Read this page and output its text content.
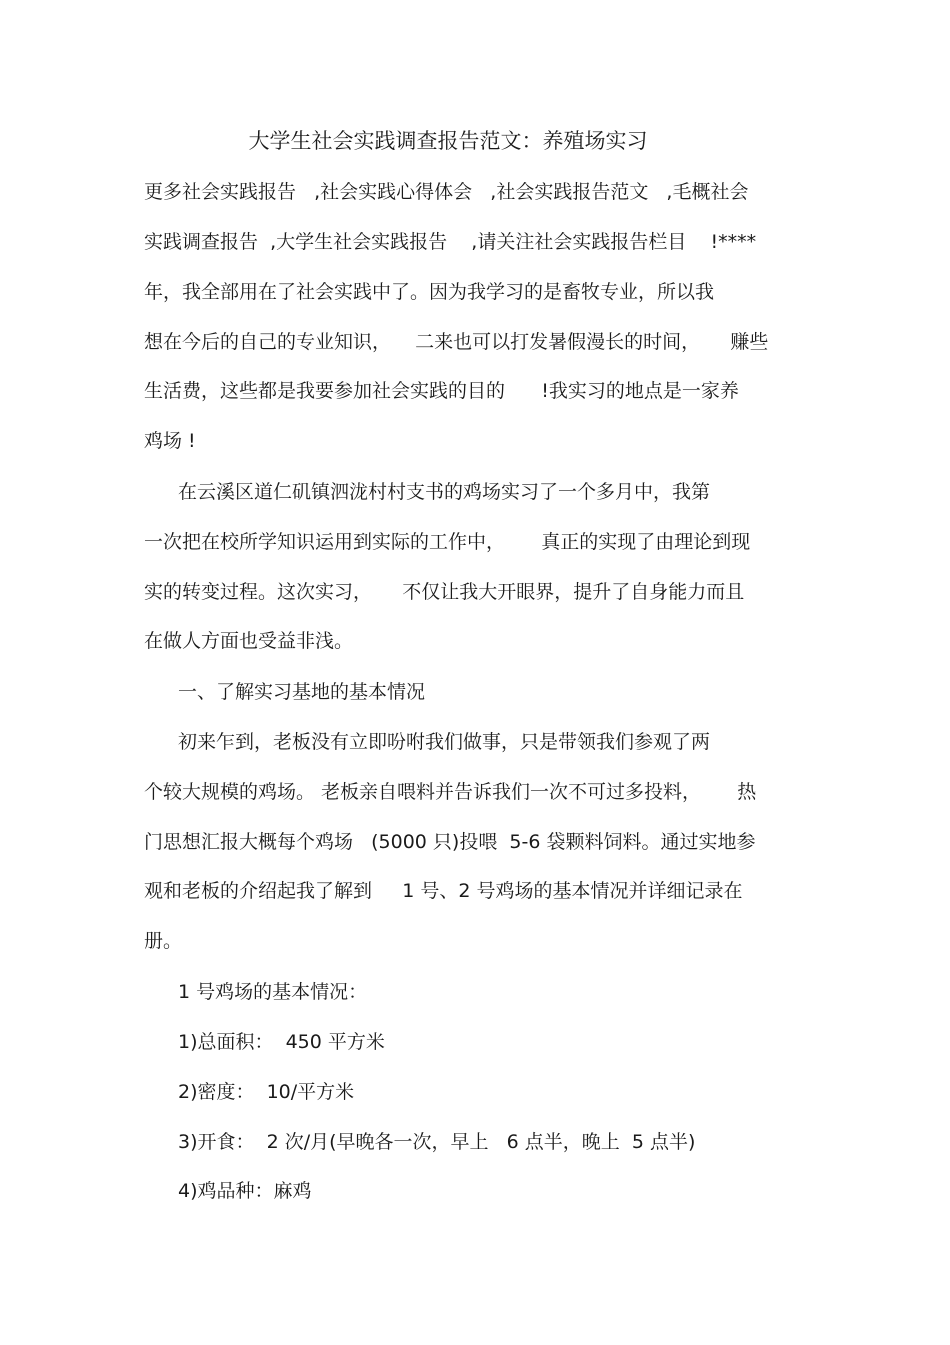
大学生社会实践调查报告范文：养殖场实习
更多社会实践报告   ,社会实践心得体会   ,社会实践报告范文   ,毛概社会
实践调查报告  ,大学生社会实践报告    ,请关注社会实践报告栏目    !****
年，我全部用在了社会实践中了。因为我学习的是畜牧专业，所以我
想在今后的自己的专业知识，    二来也可以打发暑假漫长的时间，     赚些
生活费，这些都是我要参加社会实践的目的      !我实习的地点是一家养
鸡场 !
在云溪区道仁矶镇泗泷村村支书的鸡场实习了一个多月中，我第
一次把在校所学知识运用到实际的工作中，      真正的实现了由理论到现
实的转变过程。这次实习，     不仅让我大开眼界，提升了自身能力而且
在做人方面也受益非浅。
一、了解实习基地的基本情况
初来乍到，老板没有立即吩咐我们做事，只是带领我们参观了两
个较大规模的鸡场。 老板亲自喂料并告诉我们一次不可过多投料，      热
门思想汇报大概每个鸡场   (5000 只)投喂  5-6 袋颗料饲料。通过实地参
观和老板的介绍起我了解到     1 号、2 号鸡场的基本情况并详细记录在
册。
1 号鸡场的基本情况：
1)总面积：  450 平方米
2)密度：  10/平方米
3)开食：  2 次/月(早晚各一次，早上   6 点半，晚上  5 点半)
4)鸡品种：麻鸡
